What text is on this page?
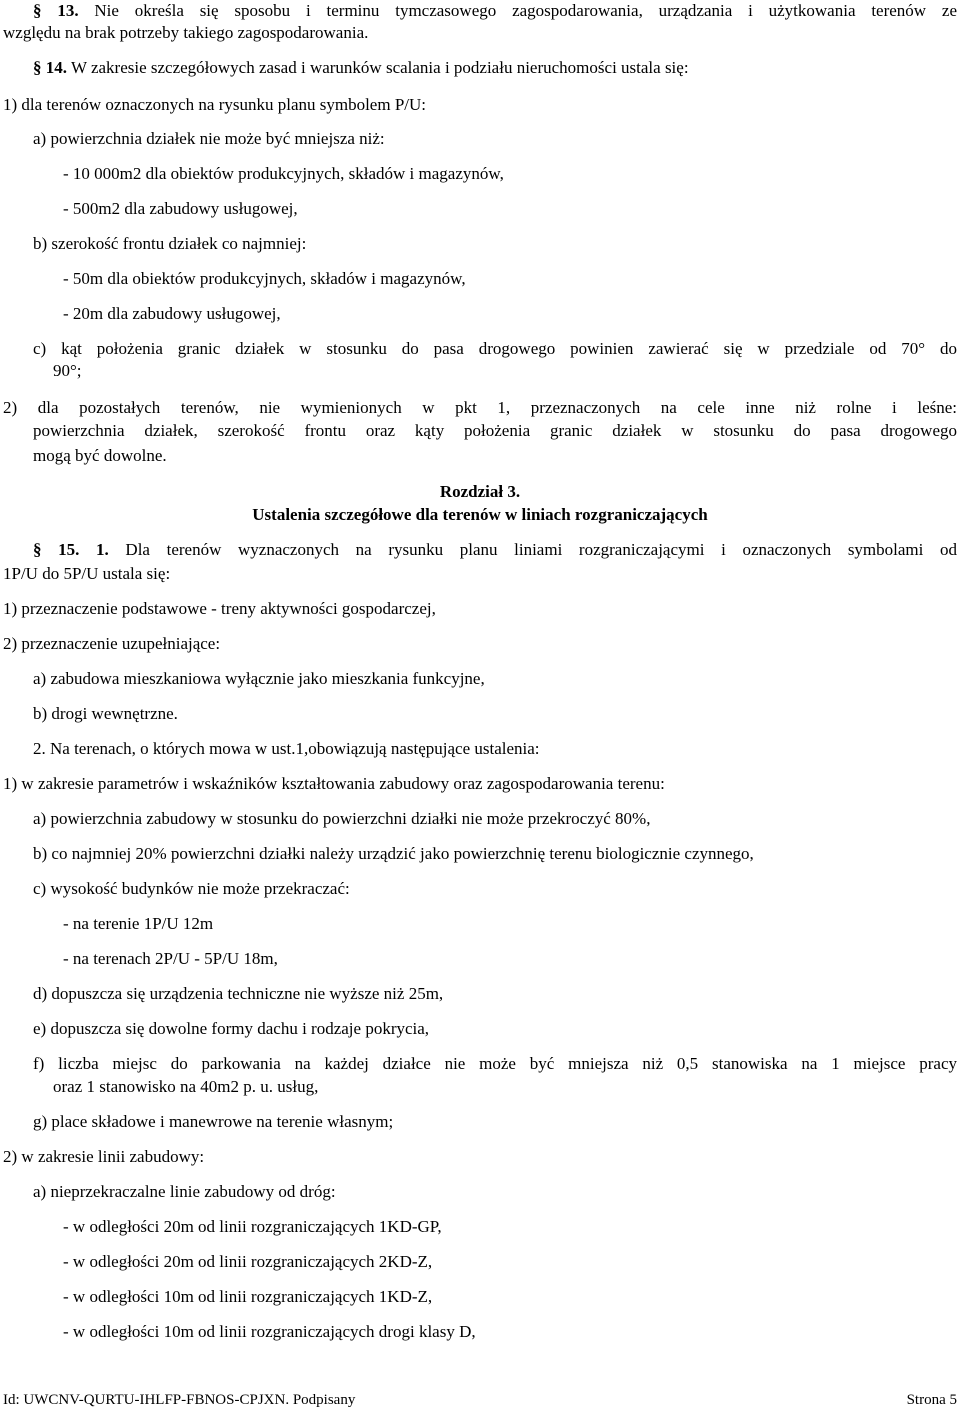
§ 13. Nie określa się sposobu i terminu tymczasowego zagospodarowania, urządzania i użytkowania terenów ze
względu na brak potrzeby takiego zagospodarowania.
§ 14. W zakresie szczegółowych zasad i warunków scalania i podziału nieruchomości ustala się:
1) dla terenów oznaczonych na rysunku planu symbolem P/U:
a) powierzchnia działek nie może być mniejsza niż:
- 10 000m2 dla obiektów produkcyjnych, składów i magazynów,
- 500m2 dla zabudowy usługowej,
b) szerokość frontu działek co najmniej:
- 50m dla obiektów produkcyjnych, składów i magazynów,
- 20m dla zabudowy usługowej,
c) kąt położenia granic działek w stosunku do pasa drogowego powinien zawierać się w przedziale od 70° do
90°;
2) dla pozostałych terenów, nie wymienionych w pkt 1, przeznaczonych na cele inne niż rolne i leśne:
powierzchnia działek, szerokość frontu oraz kąty położenia granic działek w stosunku do pasa drogowego
mogą być dowolne.
Rozdział 3.
Ustalenia szczegółowe dla terenów w liniach rozgraniczających
§ 15. 1. Dla terenów wyznaczonych na rysunku planu liniami rozgraniczającymi i oznaczonych symbolami od
1P/U do 5P/U ustala się:
1) przeznaczenie podstawowe - treny aktywności gospodarczej,
2) przeznaczenie uzupełniające:
a) zabudowa mieszkaniowa wyłącznie jako mieszkania funkcyjne,
b) drogi wewnętrzne.
2. Na terenach, o których mowa w ust.1,obowiązują następujące ustalenia:
1) w zakresie parametrów i wskaźników kształtowania zabudowy oraz zagospodarowania terenu:
a) powierzchnia zabudowy w stosunku do powierzchni działki nie może przekroczyć 80%,
b) co najmniej 20% powierzchni działki należy urządzić jako powierzchnię terenu biologicznie czynnego,
c) wysokość budynków nie może przekraczać:
- na terenie 1P/U 12m
- na terenach 2P/U - 5P/U 18m,
d) dopuszcza się urządzenia techniczne nie wyższe niż 25m,
e) dopuszcza się dowolne formy dachu i rodzaje pokrycia,
f) liczba miejsc do parkowania na każdej działce nie może być mniejsza niż 0,5 stanowiska na 1 miejsce pracy
oraz 1 stanowisko na 40m2 p. u. usług,
g) place składowe i manewrowe na terenie własnym;
2) w zakresie linii zabudowy:
a) nieprzekraczalne linie zabudowy od dróg:
- w odległości 20m od linii rozgraniczających 1KD-GP,
- w odległości 20m od linii rozgraniczających 2KD-Z,
- w odległości 10m od linii rozgraniczających 1KD-Z,
- w odległości 10m od linii rozgraniczających drogi klasy D,
Id: UWCNV-QURTU-IHLFP-FBNOS-CPJXN. Podpisany	Strona 5
